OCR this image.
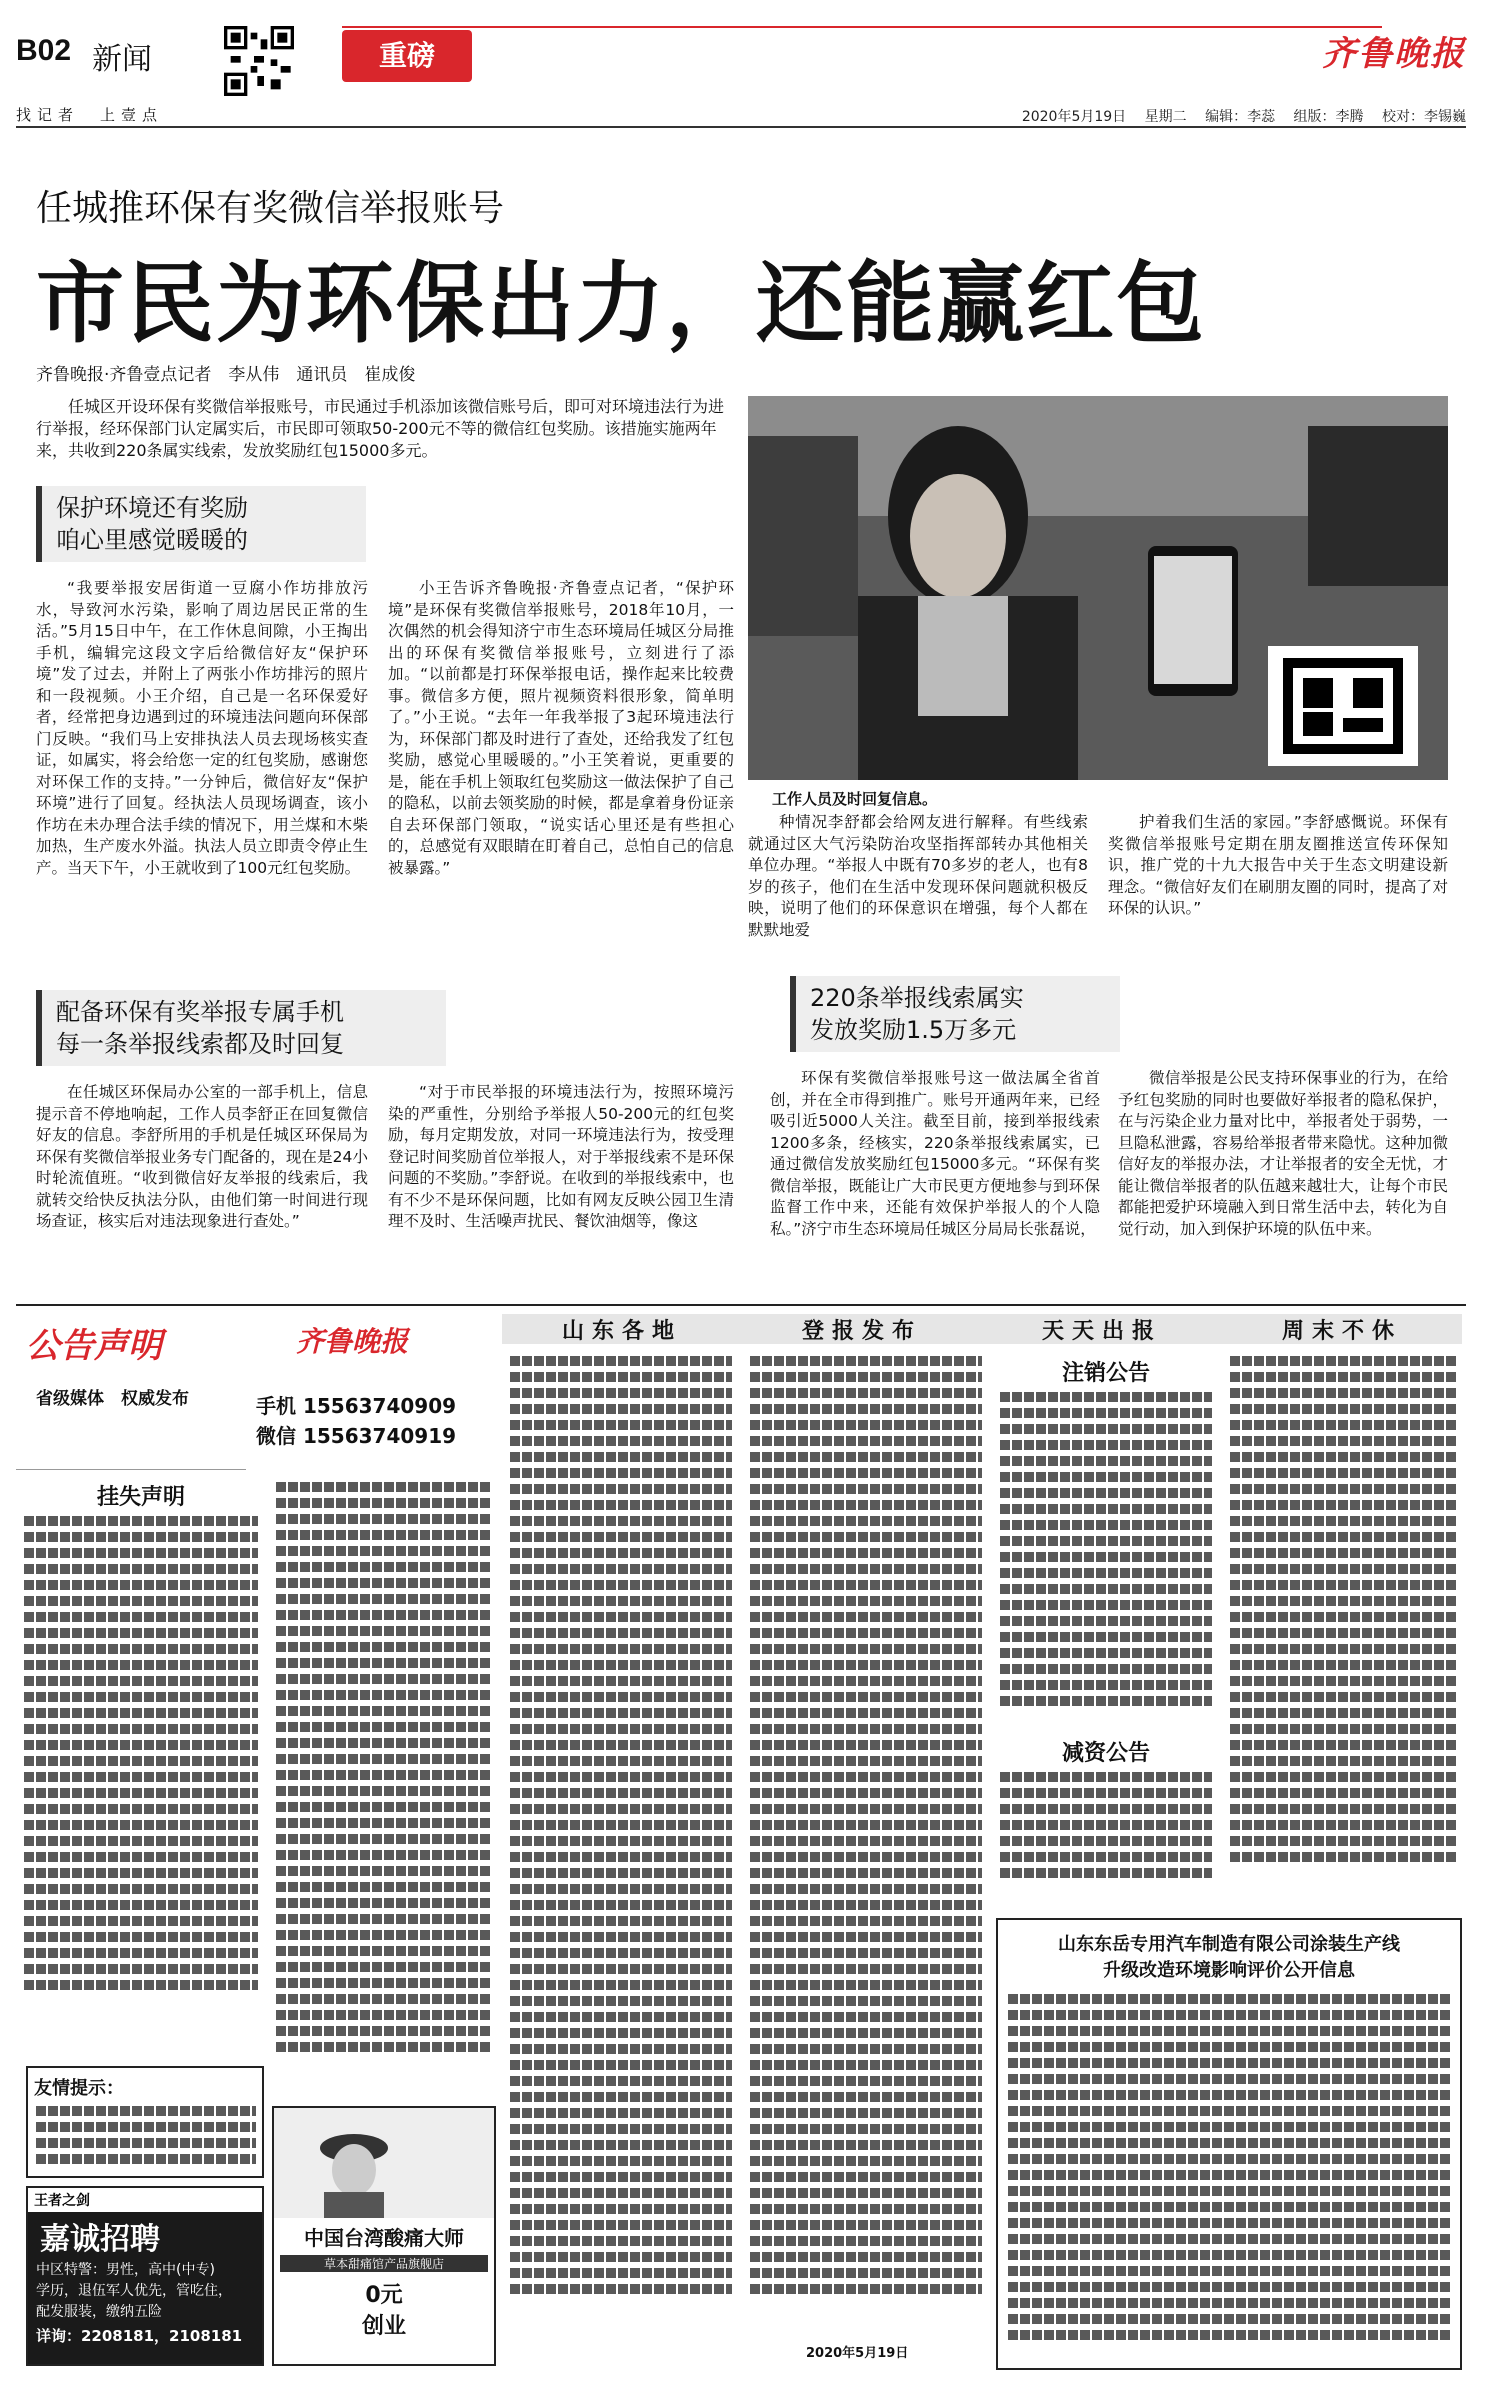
B02 新闻	重磅
找记者　上壹点
齐鲁晚报
2020年5月19日 星期二 编辑：李蕊 组版：李腾 校对：李锡巍
任城推环保有奖微信举报账号
市民为环保出力，还能赢红包
齐鲁晚报·齐鲁壹点记者　李从伟　通讯员　崔成俊
任城区开设环保有奖微信举报账号，市民通过手机添加该微信账号后，即可对环境违法行为进行举报，经环保部门认定属实后，市民即可领取50-200元不等的微信红包奖励。该措施实施两年来，共收到220条属实线索，发放奖励红包15000多元。
保护环境还有奖励
咱心里感觉暖暖的

“我要举报安居街道一豆腐小作坊排放污水，导致河水污染，影响了周边居民正常的生活。”5月15日中午，在工作休息间隙，小王掏出手机，编辑完这段文字后给微信好友“保护环境”发了过去，并附上了两张小作坊排污的照片和一段视频。小王介绍，自己是一名环保爱好者，经常把身边遇到过的环境违法问题向环保部门反映。“我们马上安排执法人员去现场核实查证，如属实，将会给您一定的红包奖励，感谢您对环保工作的支持。”一分钟后，微信好友“保护环境”进行了回复。经执法人员现场调查，该小作坊在未办理合法手续的情况下，用兰煤和木柴加热，生产废水外溢。执法人员立即责令停止生产。当天下午，小王就收到了100元红包奖励。

小王告诉齐鲁晚报·齐鲁壹点记者，“保护环境”是环保有奖微信举报账号，2018年10月，一次偶然的机会得知济宁市生态环境局任城区分局推出的环保有奖微信举报账号，立刻进行了添加。“以前都是打环保举报电话，操作起来比较费事。微信多方便，照片视频资料很形象，简单明了。”小王说。“去年一年我举报了3起环境违法行为，环保部门都及时进行了查处，还给我发了红包奖励，感觉心里暖暖的。”小王笑着说，更重要的是，能在手机上领取红包奖励这一做法保护了自己的隐私，以前去领奖励的时候，都是拿着身份证亲自去环保部门领取，“说实话心里还是有些担心的，总感觉有双眼睛在盯着自己，总怕自己的信息被暴露。”

工作人员及时回复信息。

种情况李舒都会给网友进行解释。有些线索就通过区大气污染防治攻坚指挥部转办其他相关单位办理。“举报人中既有70多岁的老人，也有8岁的孩子，他们在生活中发现环保问题就积极反映，说明了他们的环保意识在增强，每个人都在默默地爱

护着我们生活的家园。”李舒感慨说。环保有奖微信举报账号定期在朋友圈推送宣传环保知识，推广党的十九大报告中关于生态文明建设新理念。“微信好友们在刷朋友圈的同时，提高了对环保的认识。”

配备环保有奖举报专属手机
每一条举报线索都及时回复

在任城区环保局办公室的一部手机上，信息提示音不停地响起，工作人员李舒正在回复微信好友的信息。李舒所用的手机是任城区环保局为环保有奖微信举报业务专门配备的，现在是24小时轮流值班。“收到微信好友举报的线索后，我就转交给快反执法分队，由他们第一时间进行现场查证，核实后对违法现象进行查处。”

“对于市民举报的环境违法行为，按照环境污染的严重性，分别给予举报人50-200元的红包奖励，每月定期发放，对同一环境违法行为，按受理登记时间奖励首位举报人，对于举报线索不是环保问题的不奖励。”李舒说。在收到的举报线索中，也有不少不是环保问题，比如有网友反映公园卫生清理不及时、生活噪声扰民、餐饮油烟等，像这

220条举报线索属实
发放奖励1.5万多元

环保有奖微信举报账号这一做法属全省首创，并在全市得到推广。账号开通两年来，已经吸引近5000人关注。截至目前，接到举报线索1200多条，经核实，220条举报线索属实，已通过微信发放奖励红包15000多元。“环保有奖微信举报，既能让广大市民更方便地参与到环保监督工作中来，还能有效保护举报人的个人隐私。”济宁市生态环境局任城区分局局长张磊说，

微信举报是公民支持环保事业的行为，在给予红包奖励的同时也要做好举报者的隐私保护，在与污染企业力量对比中，举报者处于弱势，一旦隐私泄露，容易给举报者带来隐忧。这种加微信好友的举报办法，才让举报者的安全无忧，才能让微信举报者的队伍越来越壮大，让每个市民都能把爱护环境融入到日常生活中去，转化为自觉行动，加入到保护环境的队伍中来。

公告声明
省级媒体　权威发布
齐鲁晚报
手机 15563740909
微信 15563740919
挂失声明
友情提示：
王者之剑
嘉诚招聘
中区特警：男性，高中(中专)
学历，退伍军人优先，管吃住，
配发服装，缴纳五险
详询：2208181，2108181
中国台湾酸痛大师
草本甜痛馆产品旗舰店
0元
创业
山东各地	登报发布	天天出报	周末不休
2020年5月19日
注销公告
减资公告
山东东岳专用汽车制造有限公司涂装生产线
升级改造环境影响评价公开信息
